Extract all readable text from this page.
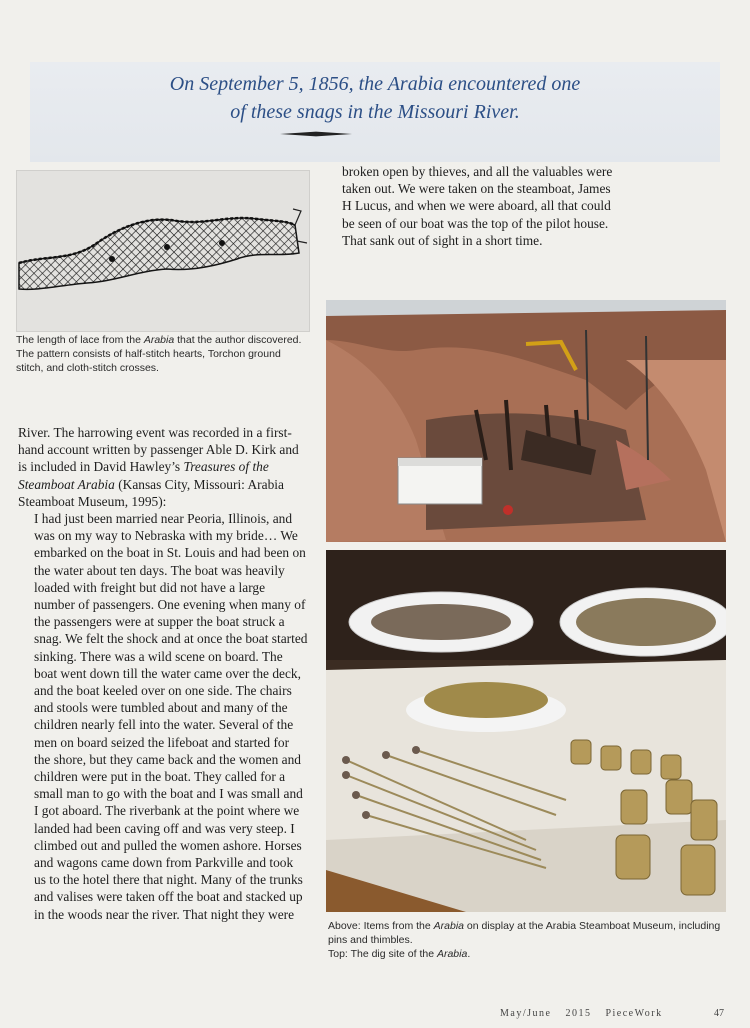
On September 5, 1856, the Arabia encountered one
of these snags in the Missouri River.
The length of lace from the Arabia that the author discovered. The pattern consists of half-stitch hearts, Torchon ground stitch, and cloth-stitch crosses.

River. The harrowing event was recorded in a first-hand account written by passenger Able D. Kirk and is included in David Hawley’s Treasures of the Steamboat Arabia (Kansas City, Missouri: Arabia Steamboat Museum, 1995):

I had just been married near Peoria, Illinois, and was on my way to Nebraska with my bride… We embarked on the boat in St. Louis and had been on the water about ten days. The boat was heavily loaded with freight but did not have a large number of passengers. One evening when many of the passengers were at supper the boat struck a snag. We felt the shock and at once the boat started sinking. There was a wild scene on board. The boat went down till the water came over the deck, and the boat keeled over on one side. The chairs and stools were tumbled about and many of the children nearly fell into the water. Several of the men on board seized the lifeboat and started for the shore, but they came back and the women and children were put in the boat. They called for a small man to go with the boat and I was small and I got aboard. The riverbank at the point where we landed had been caving off and was very steep. I climbed out and pulled the women ashore. Horses and wagons came down from Parkville and took us to the hotel there that night. Many of the trunks and valises were taken off the boat and stacked up in the woods near the river. That night they were

broken open by thieves, and all the valuables were taken out. We were taken on the steamboat, James H Lucus, and when we were aboard, all that could be seen of our boat was the top of the pilot house. That sank out of sight in a short time.
Above: Items from the Arabia on display at the Arabia Steamboat Museum, including pins and thimbles.
Top: The dig site of the Arabia.
May/June 2015 PieceWork	47
